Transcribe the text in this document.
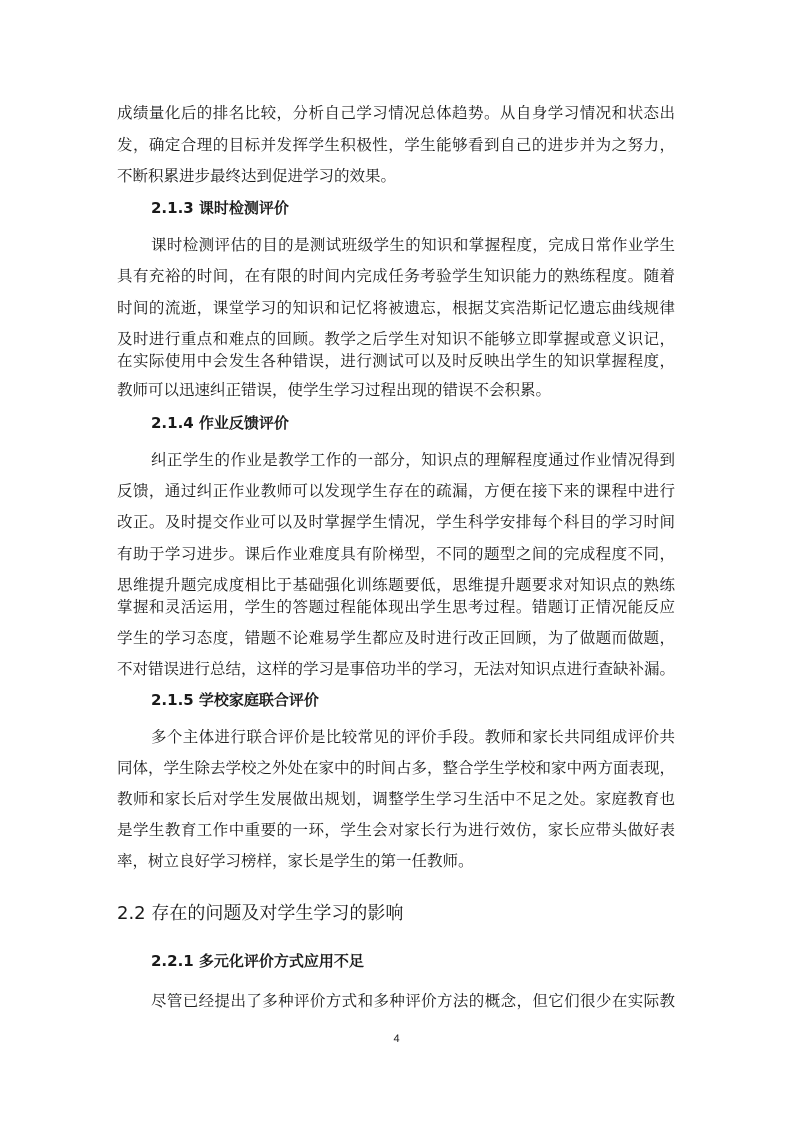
成绩量化后的排名比较，分析自己学习情况总体趋势。从自身学习情况和状态出
发，确定合理的目标并发挥学生积极性，学生能够看到自己的进步并为之努力，
不断积累进步最终达到促进学习的效果。
2.1.3 课时检测评价
课时检测评估的目的是测试班级学生的知识和掌握程度，完成日常作业学生
具有充裕的时间，在有限的时间内完成任务考验学生知识能力的熟练程度。随着
时间的流逝，课堂学习的知识和记忆将被遗忘，根据艾宾浩斯记忆遗忘曲线规律
及时进行重点和难点的回顾。教学之后学生对知识不能够立即掌握或意义识记，
在实际使用中会发生各种错误，进行测试可以及时反映出学生的知识掌握程度，
教师可以迅速纠正错误，使学生学习过程出现的错误不会积累。
2.1.4 作业反馈评价
纠正学生的作业是教学工作的一部分，知识点的理解程度通过作业情况得到
反馈，通过纠正作业教师可以发现学生存在的疏漏，方便在接下来的课程中进行
改正。及时提交作业可以及时掌握学生情况，学生科学安排每个科目的学习时间
有助于学习进步。课后作业难度具有阶梯型，不同的题型之间的完成程度不同，
思维提升题完成度相比于基础强化训练题要低，思维提升题要求对知识点的熟练
掌握和灵活运用，学生的答题过程能体现出学生思考过程。错题订正情况能反应
学生的学习态度，错题不论难易学生都应及时进行改正回顾，为了做题而做题，
不对错误进行总结，这样的学习是事倍功半的学习，无法对知识点进行查缺补漏。
2.1.5 学校家庭联合评价
多个主体进行联合评价是比较常见的评价手段。教师和家长共同组成评价共
同体，学生除去学校之外处在家中的时间占多，整合学生学校和家中两方面表现，
教师和家长后对学生发展做出规划，调整学生学习生活中不足之处。家庭教育也
是学生教育工作中重要的一环，学生会对家长行为进行效仿，家长应带头做好表
率，树立良好学习榜样，家长是学生的第一任教师。
2.2 存在的问题及对学生学习的影响
2.2.1 多元化评价方式应用不足
尽管已经提出了多种评价方式和多种评价方法的概念，但它们很少在实际教
4
